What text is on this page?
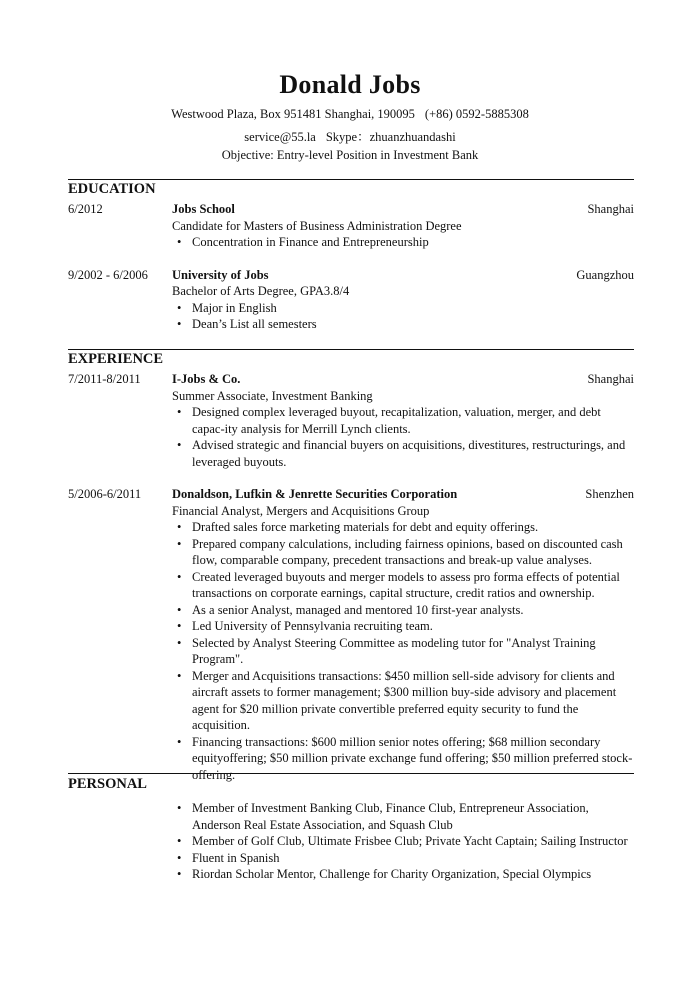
Donald Jobs
Westwood Plaza, Box 951481 Shanghai, 190095 (+86) 0592-5885308
service@55.la Skype：zhuanzhuandashi
Objective: Entry-level Position in Investment Bank
EDUCATION
6/2012	Jobs School	Shanghai
Candidate for Masters of Business Administration Degree
• Concentration in Finance and Entrepreneurship
9/2002 - 6/2006 University of Jobs	Guangzhou
Bachelor of Arts Degree, GPA3.8/4
• Major in English
• Dean’s List all semesters
EXPERIENCE
7/2011-8/2011	I-Jobs & Co.	Shanghai
Summer Associate, Investment Banking
• Designed complex leveraged buyout, recapitalization, valuation, merger, and debt capac-ity analysis for Merrill Lynch clients.
• Advised strategic and financial buyers on acquisitions, divestitures, restructurings, and leveraged buyouts.
5/2006-6/2011 Donaldson, Lufkin & Jenrette Securities Corporation	Shenzhen
Financial Analyst, Mergers and Acquisitions Group
• Drafted sales force marketing materials for debt and equity offerings.
• Prepared company calculations, including fairness opinions, based on discounted cash flow, comparable company, precedent transactions and break-up value analyses.
• Created leveraged buyouts and merger models to assess pro forma effects of potential transactions on corporate earnings, capital structure, credit ratios and ownership.
• As a senior Analyst, managed and mentored 10 first-year analysts.
• Led University of Pennsylvania recruiting team.
• Selected by Analyst Steering Committee as modeling tutor for "Analyst Training Program".
• Merger and Acquisitions transactions: $450 million sell-side advisory for clients and aircraft assets to former management; $300 million buy-side advisory and placement agent for $20 million private convertible preferred equity security to fund the acquisition.
• Financing transactions: $600 million senior notes offering; $68 million secondary equityoffering; $50 million private exchange fund offering; $50 million preferred stock-offering.
PERSONAL
• Member of Investment Banking Club, Finance Club, Entrepreneur Association, Anderson Real Estate Association, and Squash Club
• Member of Golf Club, Ultimate Frisbee Club; Private Yacht Captain; Sailing Instructor
• Fluent in Spanish
• Riordan Scholar Mentor, Challenge for Charity Organization, Special Olympics
